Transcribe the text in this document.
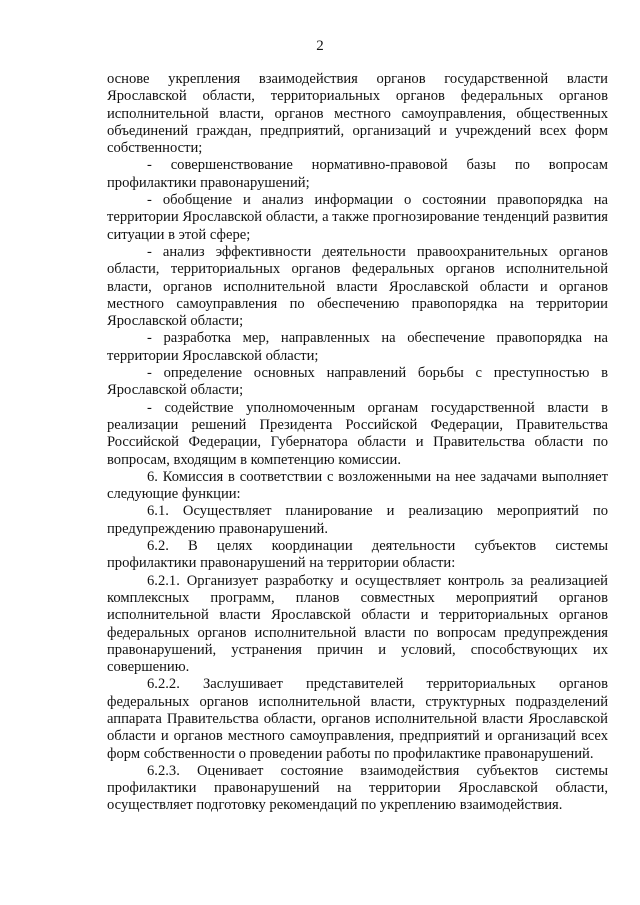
2

основе укрепления взаимодействия органов государственной власти Ярославской области, территориальных органов федеральных органов исполнительной власти, органов местного самоуправления, общественных объединений граждан, предприятий, организаций и учреждений всех форм собственности;

- совершенствование нормативно-правовой базы по вопросам профилактики правонарушений;

- обобщение и анализ информации о состоянии правопорядка на территории Ярославской области, а также прогнозирование тенденций развития ситуации в этой сфере;

- анализ эффективности деятельности правоохранительных органов области, территориальных органов федеральных органов исполнительной власти, органов исполнительной власти Ярославской области и органов местного самоуправления по обеспечению правопорядка на территории Ярославской области;

- разработка мер, направленных на обеспечение правопорядка на территории Ярославской области;

- определение основных направлений борьбы с преступностью в Ярославской области;

- содействие уполномоченным органам государственной власти в реализации решений Президента Российской Федерации, Правительства Российской Федерации, Губернатора области и Правительства области по вопросам, входящим в компетенцию комиссии.

6. Комиссия в соответствии с возложенными на нее задачами выполняет следующие функции:

6.1. Осуществляет планирование и реализацию мероприятий по предупреждению правонарушений.

6.2. В целях координации деятельности субъектов системы профилактики правонарушений на территории области:

6.2.1. Организует разработку и осуществляет контроль за реализацией комплексных программ, планов совместных мероприятий органов исполнительной власти Ярославской области и территориальных органов федеральных органов исполнительной власти по вопросам предупреждения правонарушений, устранения причин и условий, способствующих их совершению.

6.2.2. Заслушивает представителей территориальных органов федеральных органов исполнительной власти, структурных подразделений аппарата Правительства области, органов исполнительной власти Ярославской области и органов местного самоуправления, предприятий и организаций всех форм собственности о проведении работы по профилактике правонарушений.

6.2.3. Оценивает состояние взаимодействия субъектов системы профилактики правонарушений на территории Ярославской области, осуществляет подготовку рекомендаций по укреплению взаимодействия.
